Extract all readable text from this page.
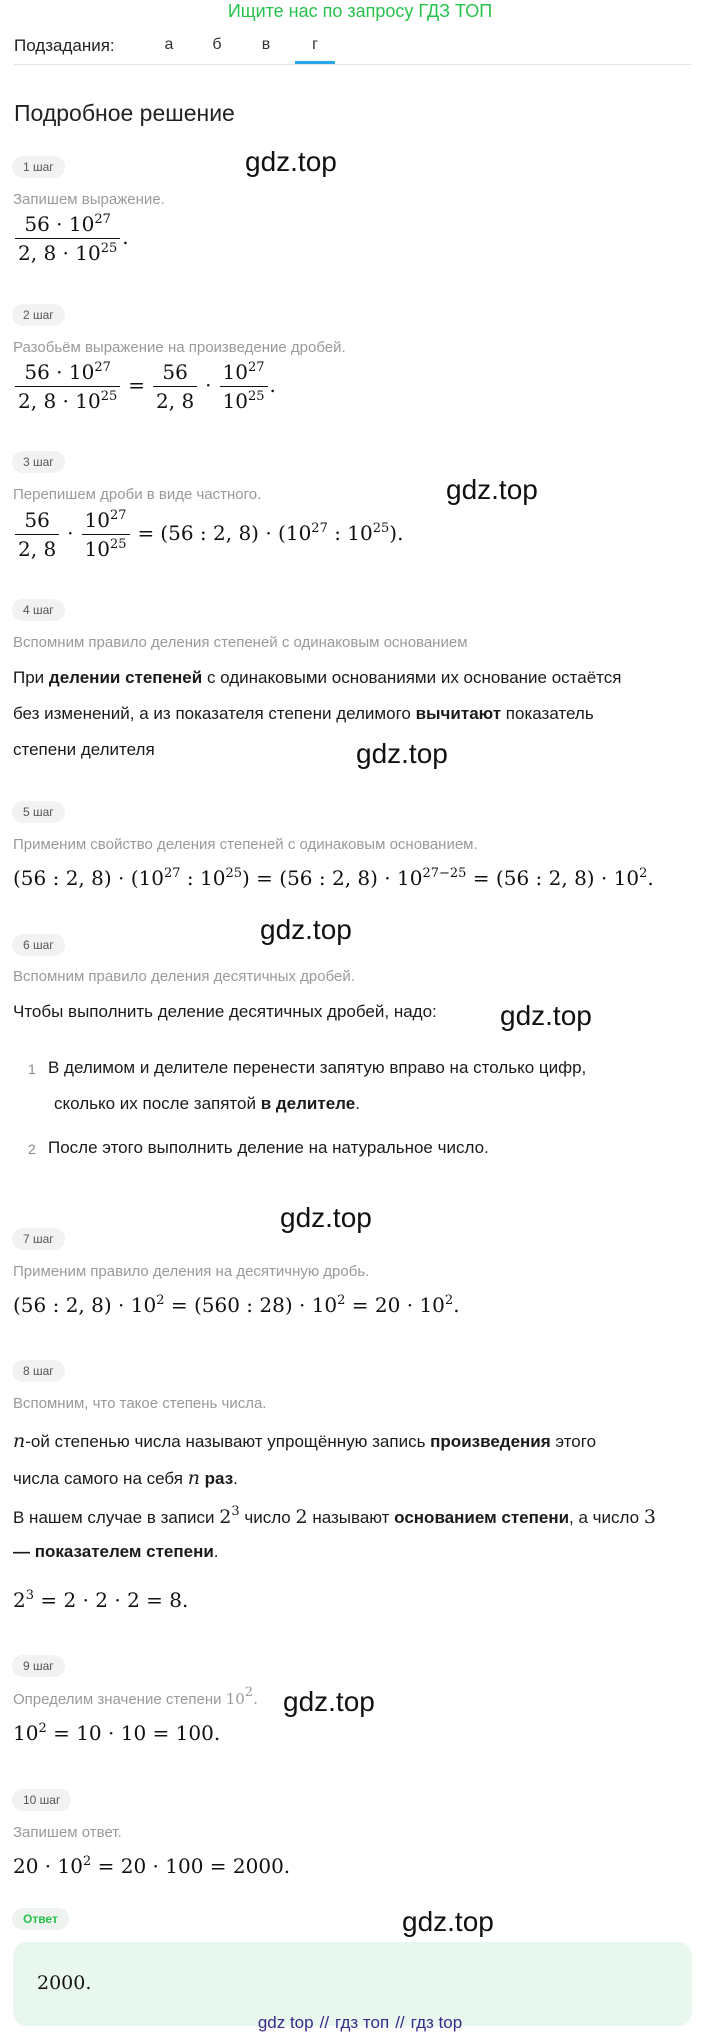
Ищите нас по запросу ГДЗ ТОП
Подзадания:	а	б	в	г
Подробное решение
1 шаг	gdz.top
Запишем выражение.
$\frac{56 \cdot 10^{27}}{2, 8 \cdot 10^{25}}$ .
2 шаг
Разобьём выражение на произведение дробей.
$\frac{56 \cdot 10^{27}}{2, 8 \cdot 10^{25}} = \frac{56}{2, 8} \cdot \frac{10^{27}}{10^{25}}$ .
3 шаг
gdz.top
Перепишем дроби в виде частного.
$\frac{56}{2, 8} \cdot \frac{10^{27}}{10^{25}} = (56$ : 2, $8) \cdot (10^{27}$ : $10^{25}$).
4 шаг
Вспомним правило деления степеней с одинаковым основанием
При делении степеней с одинаковыми основаниями их основание остаётся
без изменений, а из показателя степени делимого вычитают показатель
степени делителя	gdz.top
5 шаг
Применим свойство деления степеней с одинаковым основанием.
(56 : 2, $8) \cdot (10^{27}$ : $10^{25}) = (56$ : 2, $8) \cdot 10^{27-25} = (56$ : 2, $8) \cdot 10^2$.
gdz.top
6 шаг
Вспомним правило деления десятичных дробей.
Чтобы выполнить деление десятичных дробей, надо: gdz.top
1 В делимом и делителе перенести запятую вправо на столько цифр,
сколько их после запятой в делителе.
2 После этого выполнить деление на натуральное число.
gdz.top
7 шаг
Применим правило деления на десятичную дробь.
(56 : 2, $8) \cdot 10^2 = (560$ : $28) \cdot 10^2 = 20 \cdot 10^2$.
8 шаг
Вспомним, что такое степень числа.
n-ой степенью числа называют упрощённую запись произведения этого
числа самого на себя n раз.
В нашем случае в записи $2^3$ число 2 называют основанием степени, а число 3
— показателем степени.
$2^3 = 2 \cdot 2 \cdot 2 = 8$.
9 шаг
Определим значение степени $10^2$. gdz.top
$10^2 = 10 \cdot 10 = 100$.
10 шаг
Запишем ответ.
$20 \cdot 10^2 = 20 \cdot 100 = 2000$.
Ответ	gdz.top
2000.
gdz top // гдз топ // гдз top
